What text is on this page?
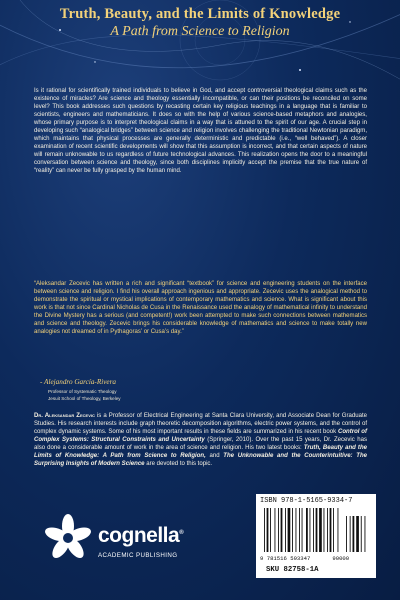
Truth, Beauty, and the Limits of Knowledge
A Path from Science to Religion
Is it rational for scientifically trained individuals to believe in God, and accept controversial theological claims such as the existence of miracles? Are science and theology essentially incompatible, or can their positions be reconciled on some level? This book addresses such questions by recasting certain key religious teachings in a language that is familiar to scientists, engineers and mathematicians. It does so with the help of various science-based metaphors and analogies, whose primary purpose is to interpret theological claims in a way that is attuned to the spirit of our age. A crucial step in developing such “analogical bridges” between science and religion involves challenging the traditional Newtonian paradigm, which maintains that physical processes are generally deterministic and predictable (i.e., “well behaved”). A closer examination of recent scientific developments will show that this assumption is incorrect, and that certain aspects of nature will remain unknowable to us regardless of future technological advances. This realization opens the door to a meaningful conversation between science and theology, since both disciplines implicitly accept the premise that the true nature of “reality” can never be fully grasped by the human mind.
“Aleksandar Zecevic has written a rich and significant “textbook” for science and engineering students on the interface between science and religion. I find his overall approach ingenious and appropriate. Zecevic uses the analogical method to demonstrate the spiritual or mystical implications of contemporary mathematics and science. What is significant about this work is that not since Cardinal Nicholas de Cusa in the Renaissance used the analogy of mathematical infinity to understand the Divine Mystery has a serious (and competent!) work been attempted to make such connections between mathematics and science and theology. Zecevic brings his considerable knowledge of mathematics and science to make totally new analogies not dreamed of in Pythagoras’ or Cusa’s day.”
- Alejandro García-Rivera
Professor of Systematic Theology
Jesuit School of Theology, Berkeley
Dr. Aleksandar Zecevic is a Professor of Electrical Engineering at Santa Clara University, and Associate Dean for Graduate Studies. His research interests include graph theoretic decomposition algorithms, electric power systems, and the control of complex dynamic systems. Some of his most important results in these fields are summarized in his recent book Control of Complex Systems: Structural Constraints and Uncertainty (Springer, 2010). Over the past 15 years, Dr. Zecevic has also done a considerable amount of work in the area of science and religion. His two latest books: Truth, Beauty and the Limits of Knowledge: A Path from Science to Religion, and The Unknowable and the Counterintuitive: The Surprising Insights of Modern Science are devoted to this topic.
cognella®
ACADEMIC PUBLISHING
ISBN 978-1-5165-9334-7
9 781516 593347	90000
SKU 82758-1A
